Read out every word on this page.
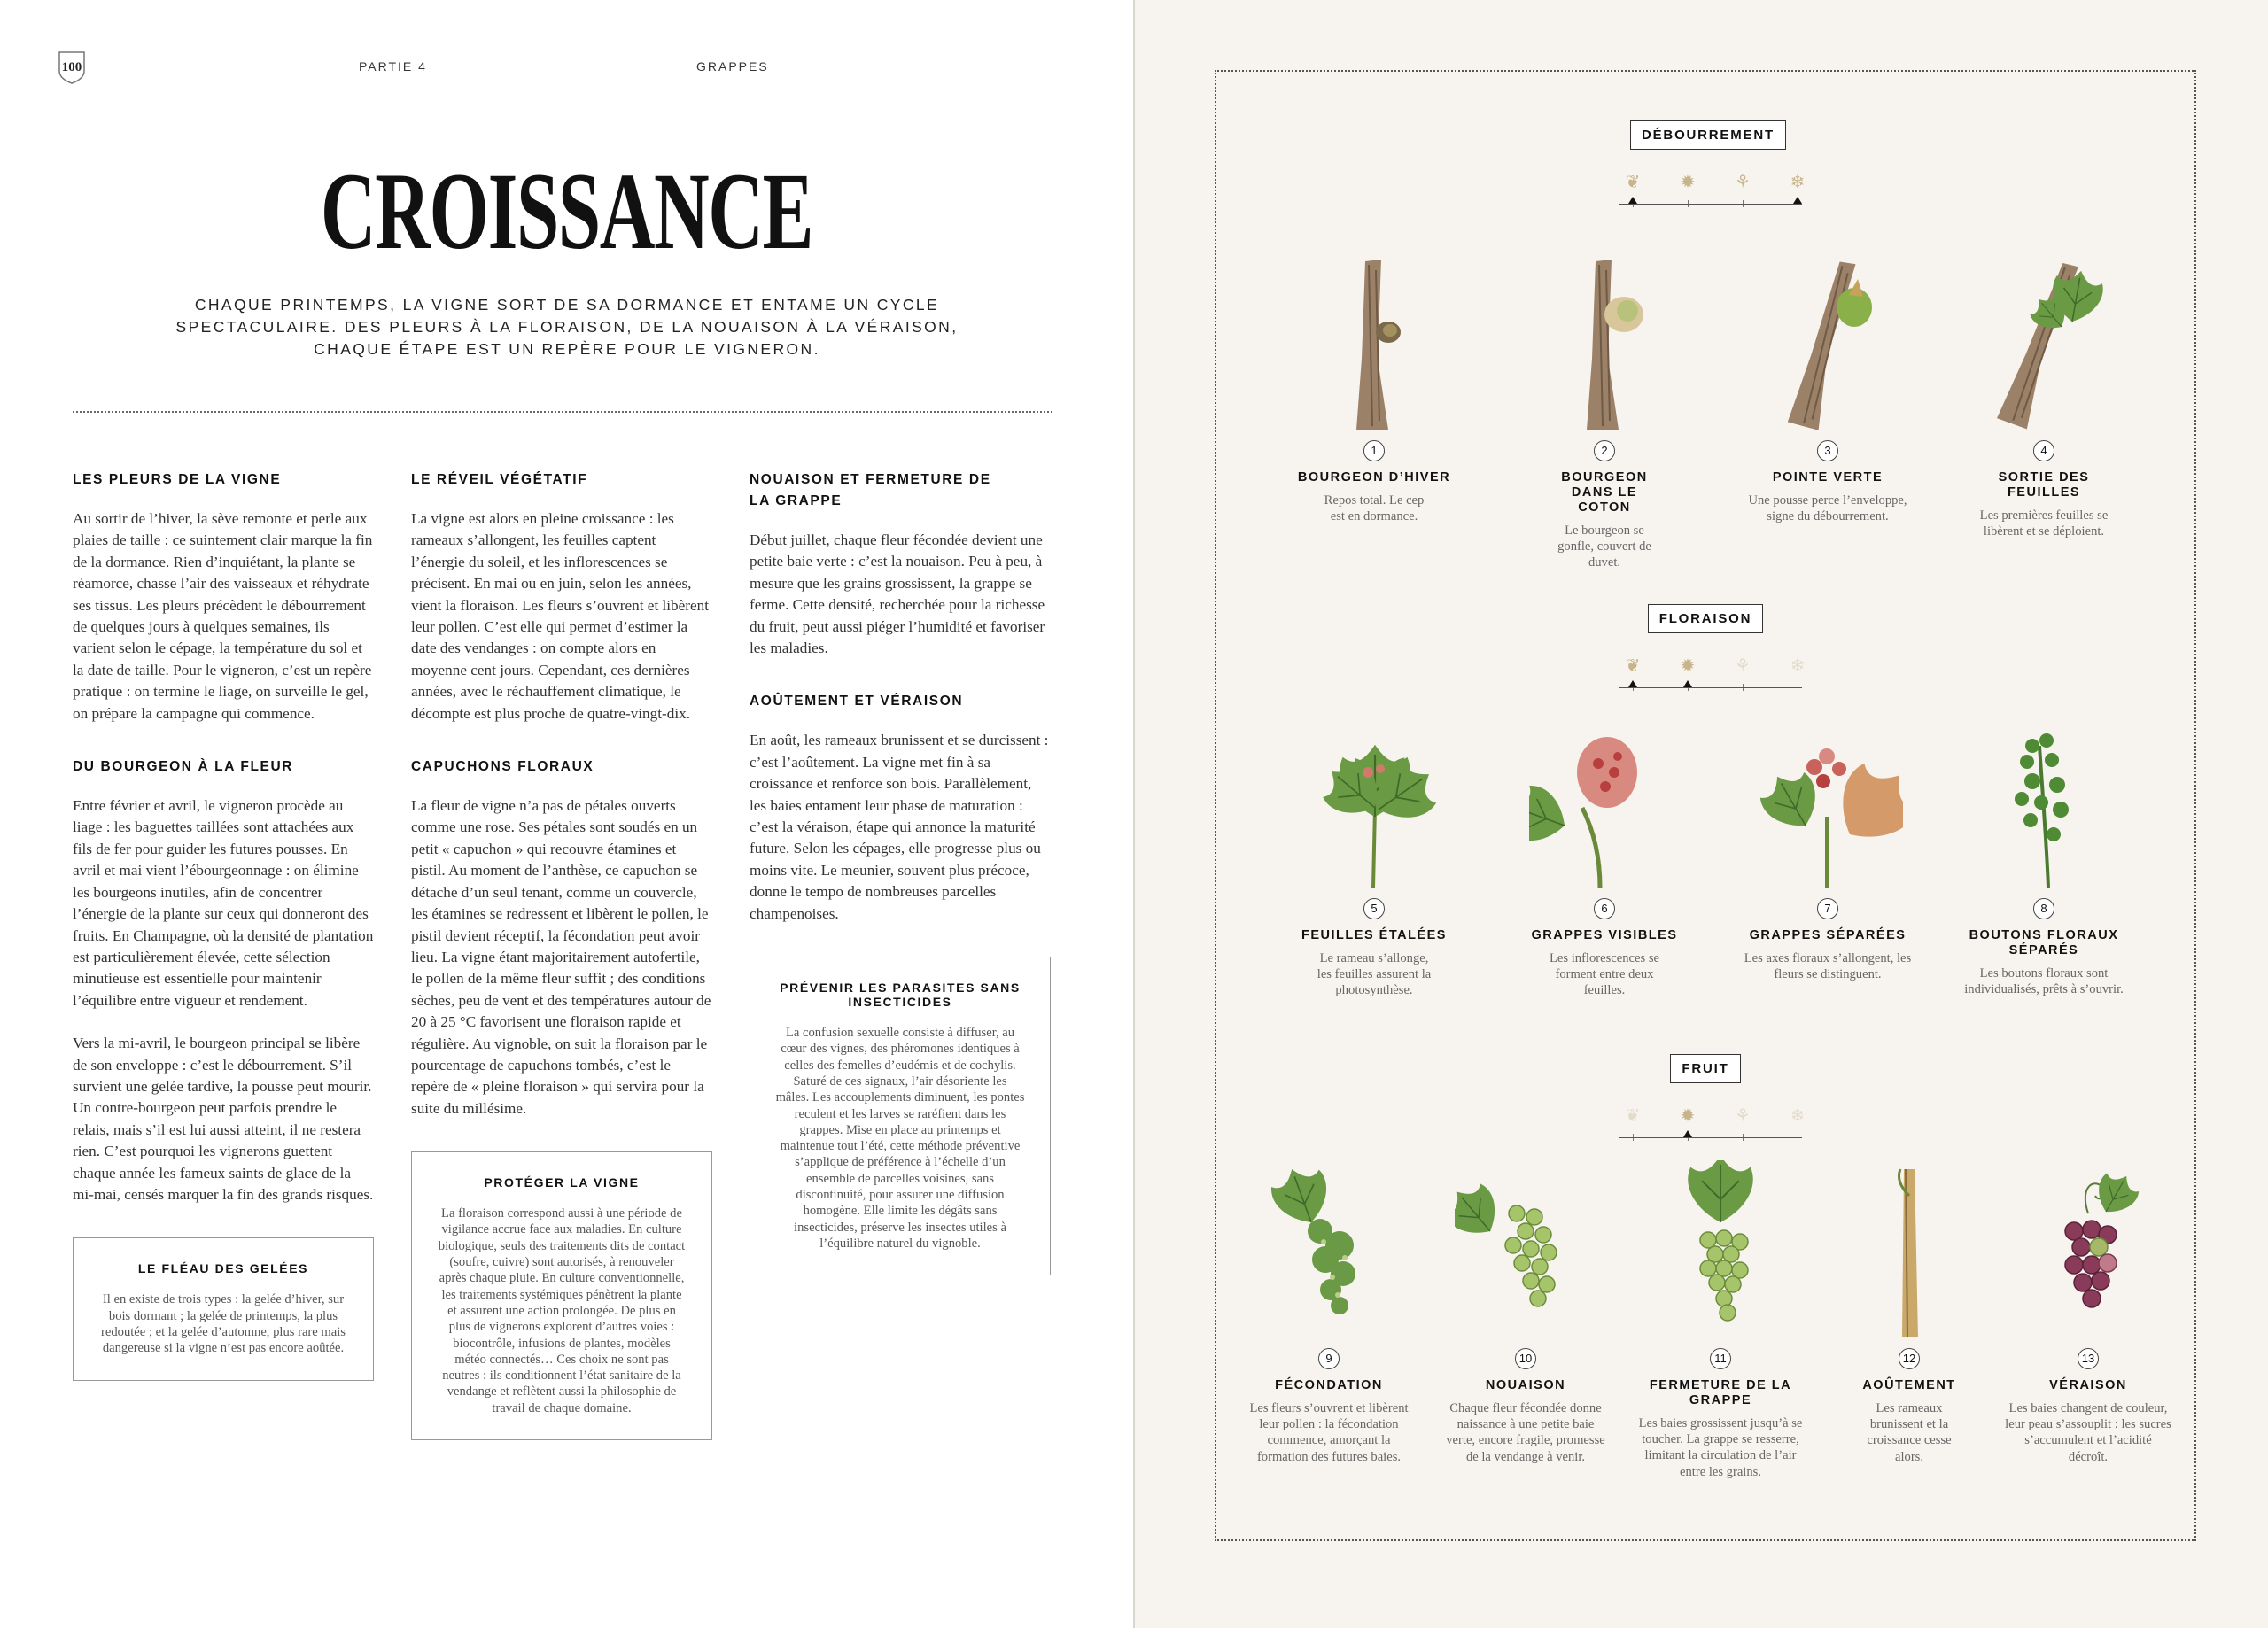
100	PARTIE 4	GRAPPES
CROISSANCE

CHAQUE PRINTEMPS, LA VIGNE SORT DE SA DORMANCE ET ENTAME UN CYCLE SPECTACULAIRE. DES PLEURS À LA FLORAISON, DE LA NOUAISON À LA VÉRAISON, CHAQUE ÉTAPE EST UN REPÈRE POUR LE VIGNERON.

LES PLEURS DE LA VIGNE

Au sortir de l’hiver, la sève remonte et perle aux plaies de taille : ce suintement clair marque la fin de la dormance. Rien d’inquiétant, la plante se réamorce, chasse l’air des vaisseaux et réhydrate ses tissus. Les pleurs précèdent le débourrement de quelques jours à quelques semaines, ils varient selon le cépage, la température du sol et la date de taille. Pour le vigneron, c’est un repère pratique : on termine le liage, on surveille le gel, on prépare la campagne qui commence.

DU BOURGEON À LA FLEUR

Entre février et avril, le vigneron procède au liage : les baguettes taillées sont attachées aux fils de fer pour guider les futures pousses. En avril et mai vient l’ébourgeonnage : on élimine les bourgeons inutiles, afin de concentrer l’énergie de la plante sur ceux qui donneront des fruits. En Champagne, où la densité de plantation est particulièrement élevée, cette sélection minutieuse est essentielle pour maintenir l’équilibre entre vigueur et rendement.

Vers la mi-avril, le bourgeon principal se libère de son enveloppe : c’est le débourrement. S’il survient une gelée tardive, la pousse peut mourir. Un contre-bourgeon peut parfois prendre le relais, mais s’il est lui aussi atteint, il ne restera rien. C’est pourquoi les vignerons guettent chaque année les fameux saints de glace de la mi-mai, censés marquer la fin des grands risques.

LE FLÉAU DES GELÉES
Il en existe de trois types : la gelée d’hiver, sur bois dormant ; la gelée de printemps, la plus redoutée ; et la gelée d’automne, plus rare mais dangereuse si la vigne n’est pas encore aoûtée.
LE RÉVEIL VÉGÉTATIF

La vigne est alors en pleine croissance : les rameaux s’allongent, les feuilles captent l’énergie du soleil, et les inflorescences se précisent. En mai ou en juin, selon les années, vient la floraison. Les fleurs s’ouvrent et libèrent leur pollen. C’est elle qui permet d’estimer la date des vendanges : on compte alors en moyenne cent jours. Cependant, ces dernières années, avec le réchauffement climatique, le décompte est plus proche de quatre-vingt-dix.

CAPUCHONS FLORAUX

La fleur de vigne n’a pas de pétales ouverts comme une rose. Ses pétales sont soudés en un petit « capuchon » qui recouvre étamines et pistil. Au moment de l’anthèse, ce capuchon se détache d’un seul tenant, comme un couvercle, les étamines se redressent et libèrent le pollen, le pistil devient réceptif, la fécondation peut avoir lieu. La vigne étant majoritairement autofertile, le pollen de la même fleur suffit ; des conditions sèches, peu de vent et des températures autour de 20 à 25 °C favorisent une floraison rapide et régulière. Au vignoble, on suit la floraison par le pourcentage de capuchons tombés, c’est le repère de « pleine floraison » qui servira pour la suite du millésime.

PROTÉGER LA VIGNE
La floraison correspond aussi à une période de vigilance accrue face aux maladies. En culture biologique, seuls des traitements dits de contact (soufre, cuivre) sont autorisés, à renouveler après chaque pluie. En culture conventionnelle, les traitements systémiques pénètrent la plante et assurent une action prolongée. De plus en plus de vignerons explorent d’autres voies : biocontrôle, infusions de plantes, modèles météo connectés… Ces choix ne sont pas neutres : ils conditionnent l’état sanitaire de la vendange et reflètent aussi la philosophie de travail de chaque domaine.
NOUAISON ET FERMETURE DE LA GRAPPE

Début juillet, chaque fleur fécondée devient une petite baie verte : c’est la nouaison. Peu à peu, à mesure que les grains grossissent, la grappe se ferme. Cette densité, recherchée pour la richesse du fruit, peut aussi piéger l’humidité et favoriser les maladies.

AOÛTEMENT ET VÉRAISON

En août, les rameaux brunissent et se durcissent : c’est l’aoûtement. La vigne met fin à sa croissance et renforce son bois. Parallèlement, les baies entament leur phase de maturation : c’est la véraison, étape qui annonce la maturité future. Selon les cépages, elle progresse plus ou moins vite. Le meunier, souvent plus précoce, donne le tempo de nombreuses parcelles champenoises.

PRÉVENIR LES PARASITES SANS INSECTICIDES
La confusion sexuelle consiste à diffuser, au cœur des vignes, des phéromones identiques à celles des femelles d’eudémis et de cochylis. Saturé de ces signaux, l’air désoriente les mâles. Les accouplements diminuent, les pontes reculent et les larves se raréfient dans les grappes. Mise en place au printemps et maintenue tout l’été, cette méthode préventive s’applique de préférence à l’échelle d’un ensemble de parcelles voisines, sans discontinuité, pour assurer une diffusion homogène. Elle limite les dégâts sans insecticides, préserve les insectes utiles à l’équilibre naturel du vignoble.
DÉBOURREMENT
❦ ✹ ⚘ ❄
FLORAISON
❦ ✹ ⚘ ❄
FRUIT
❦ ✹ ⚘ ❄
1
BOURGEON D’HIVER
Repos total. Le cep est en dormance.
2
BOURGEON DANS LE COTON
Le bourgeon se gonfle, couvert de duvet.
3
POINTE VERTE
Une pousse perce l’enveloppe, signe du débourrement.
4
SORTIE DES FEUILLES
Les premières feuilles se libèrent et se déploient.
5
FEUILLES ÉTALÉES
Le rameau s’allonge, les feuilles assurent la photosynthèse.
6
GRAPPES VISIBLES
Les inflorescences se forment entre deux feuilles.
7
GRAPPES SÉPARÉES
Les axes floraux s’allongent, les fleurs se distinguent.
8
BOUTONS FLORAUX SÉPARÉS
Les boutons floraux sont individualisés, prêts à s’ouvrir.
9
FÉCONDATION
Les fleurs s’ouvrent et libèrent leur pollen : la fécondation commence, amorçant la formation des futures baies.
10
NOUAISON
Chaque fleur fécondée donne naissance à une petite baie verte, encore fragile, promesse de la vendange à venir.
11
FERMETURE DE LA GRAPPE
Les baies grossissent jusqu’à se toucher. La grappe se resserre, limitant la circulation de l’air entre les grains.
12
AOÛTEMENT
Les rameaux brunissent et la croissance cesse alors.
13
VÉRAISON
Les baies changent de couleur, leur peau s’assouplit : les sucres s’accumulent et l’acidité décroît.
